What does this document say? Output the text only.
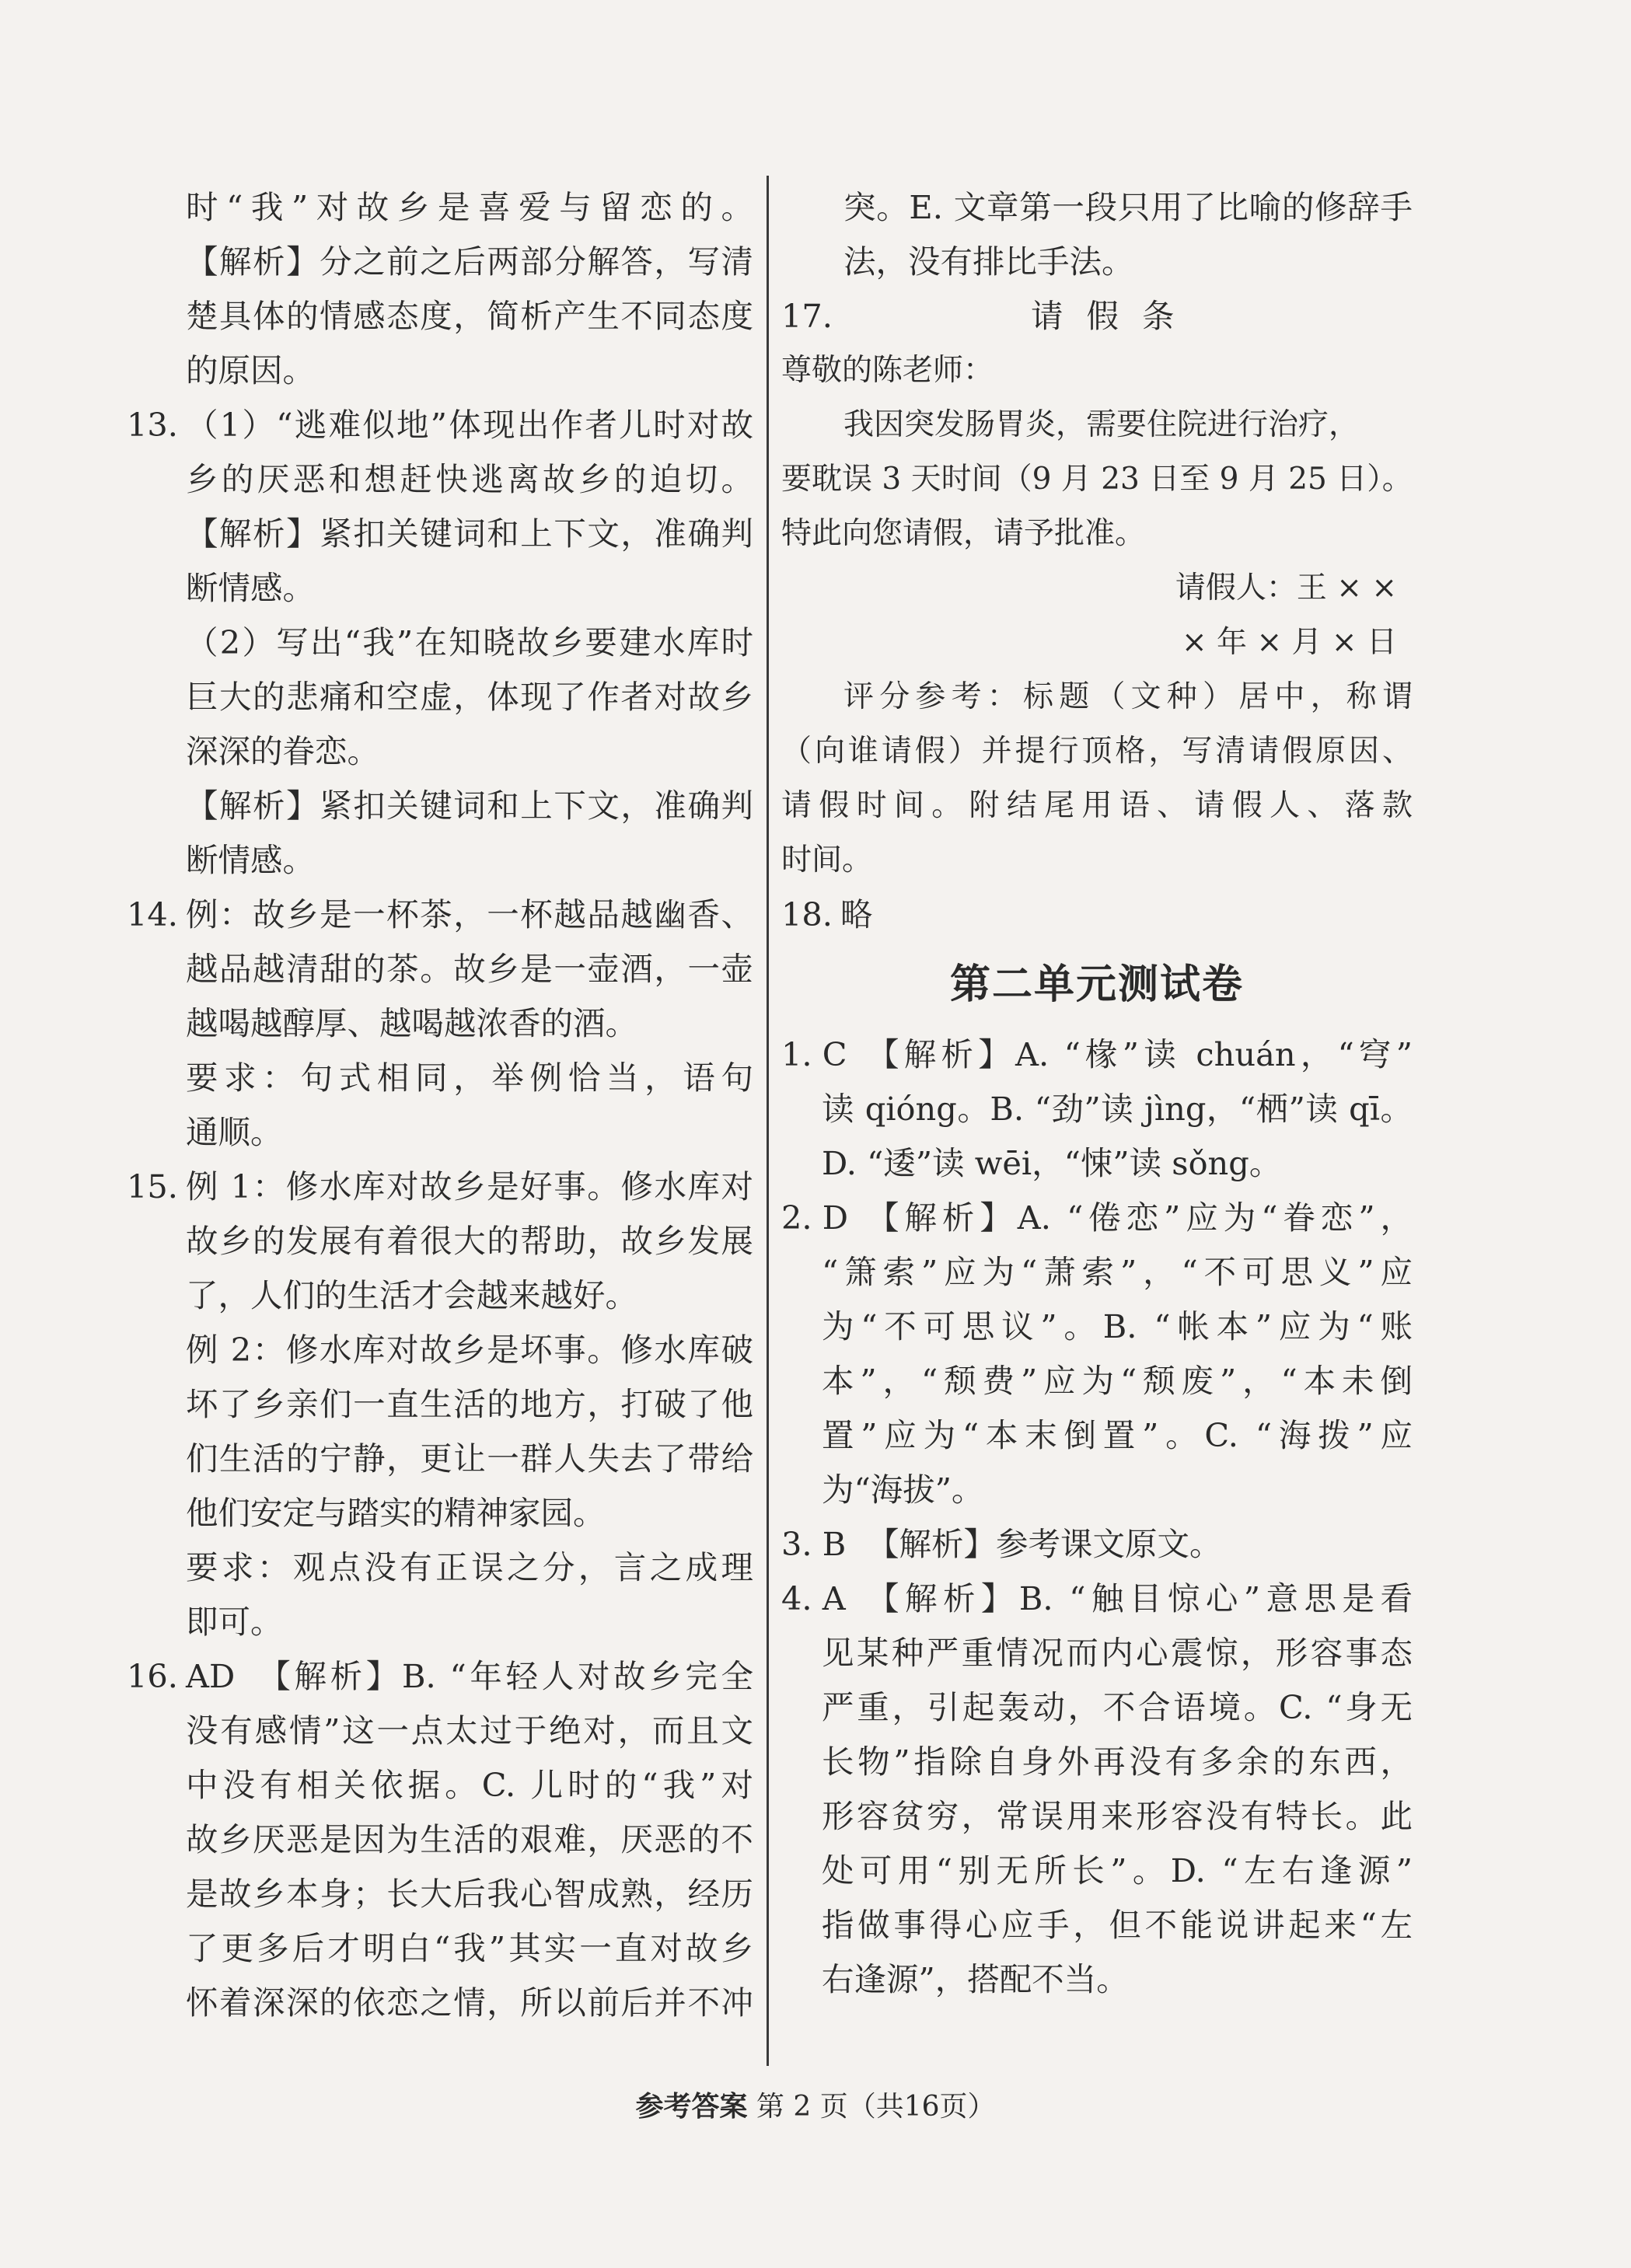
时“我”对故乡是喜爱与留恋的。
【解析】分之前之后两部分解答，写清
楚具体的情感态度，简析产生不同态度
的原因。
13. （1）“逃难似地”体现出作者儿时对故
乡的厌恶和想赶快逃离故乡的迫切。
【解析】紧扣关键词和上下文，准确判
断情感。
（2）写出“我”在知晓故乡要建水库时
巨大的悲痛和空虚，体现了作者对故乡
深深的眷恋。
【解析】紧扣关键词和上下文，准确判
断情感。
14. 例：故乡是一杯茶，一杯越品越幽香、
越品越清甜的茶。故乡是一壶酒，一壶
越喝越醇厚、越喝越浓香的酒。
要求：句式相同，举例恰当，语句
通顺。
15. 例 1：修水库对故乡是好事。修水库对
故乡的发展有着很大的帮助，故乡发展
了，人们的生活才会越来越好。
例 2：修水库对故乡是坏事。修水库破
坏了乡亲们一直生活的地方，打破了他
们生活的宁静，更让一群人失去了带给
他们安定与踏实的精神家园。
要求：观点没有正误之分，言之成理
即可。
16. AD　【解析】B. “年轻人对故乡完全
没有感情”这一点太过于绝对，而且文
中没有相关依据。C. 儿时的“我”对
故乡厌恶是因为生活的艰难，厌恶的不
是故乡本身；长大后我心智成熟，经历
了更多后才明白“我”其实一直对故乡
怀着深深的依恋之情，所以前后并不冲
突。E. 文章第一段只用了比喻的修辞手
法，没有排比手法。
17.	请假条
尊敬的陈老师：
我因突发肠胃炎，需要住院进行治疗，
要耽误 3 天时间（9 月 23 日至 9 月 25 日）。
特此向您请假，请予批准。
请假人：王 × ×
× 年 × 月 × 日
评分参考：标题（文种）居中，称谓
（向谁请假）并提行顶格，写清请假原因、
请假时间。附结尾用语、请假人、落款
时间。
18. 略
第二单元测试卷
1. C 【解析】A. “椽”读 chuán，“穹”
读 qióng。B. “劲”读 jìng，“栖”读 qī。
D. “逶”读 wēi，“悚”读 sǒng。
2. D 【解析】A. “倦恋”应为“眷恋”，
“箫索”应为“萧索”，“不可思义”应
为“不可思议”。B. “帐本”应为“账
本”，“颓费”应为“颓废”，“本未倒
置”应为“本末倒置”。C. “海拨”应
为“海拔”。
3. B 【解析】参考课文原文。
4. A 【解析】B. “触目惊心”意思是看
见某种严重情况而内心震惊，形容事态
严重，引起轰动，不合语境。C. “身无
长物”指除自身外再没有多余的东西，
形容贫穷，常误用来形容没有特长。此
处可用“别无所长”。D. “左右逢源”
指做事得心应手，但不能说讲起来“左
右逢源”，搭配不当。
参考答案 第 2 页（共16页）
